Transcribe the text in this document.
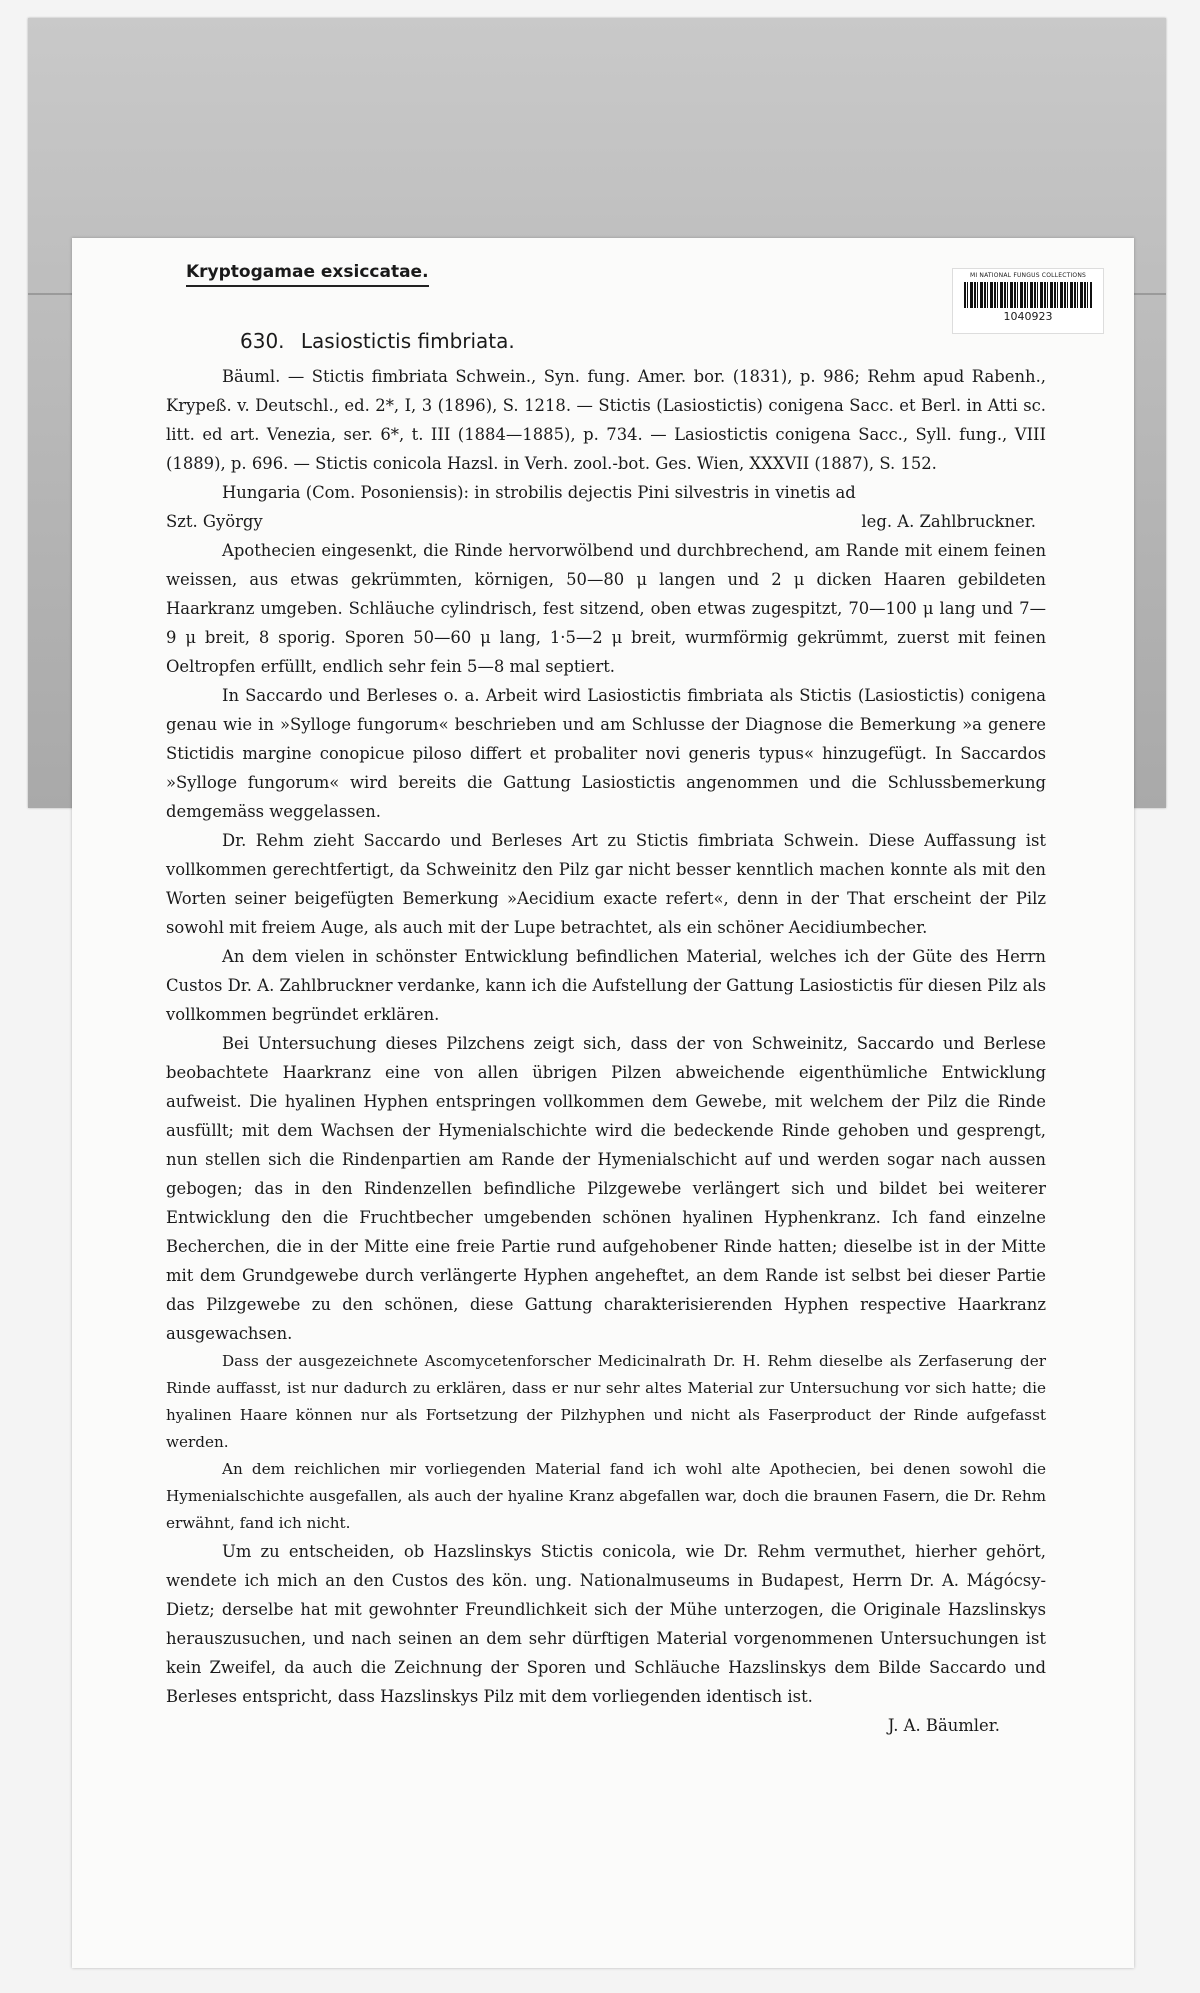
Kryptogamae exsiccatae.	MI NATIONAL FUNGUS COLLECTIONS
1040923
630. Lasiostictis fimbriata.

Bäuml. — Stictis fimbriata Schwein., Syn. fung. Amer. bor. (1831), p. 986; Rehm apud Rabenh., Krypeß. v. Deutschl., ed. 2*, I, 3 (1896), S. 1218. — Stictis (Lasiostictis) conigena Sacc. et Berl. in Atti sc. litt. ed art. Venezia, ser. 6*, t. III (1884—1885), p. 734. — Lasiostictis conigena Sacc., Syll. fung., VIII (1889), p. 696. — Stictis conicola Hazsl. in Verh. zool.-bot. Ges. Wien, XXXVII (1887), S. 152.

Hungaria (Com. Posoniensis): in strobilis dejectis Pini silvestris in vinetis ad

Szt. György	leg. A. Zahlbruckner.

Apothecien eingesenkt, die Rinde hervorwölbend und durchbrechend, am Rande mit einem feinen weissen, aus etwas gekrümmten, körnigen, 50—80 μ langen und 2 μ dicken Haaren gebildeten Haarkranz umgeben. Schläuche cylindrisch, fest sitzend, oben etwas zugespitzt, 70—100 μ lang und 7—9 μ breit, 8 sporig. Sporen 50—60 μ lang, 1·5—2 μ breit, wurmförmig gekrümmt, zuerst mit feinen Oeltropfen erfüllt, endlich sehr fein 5—8 mal septiert.

In Saccardo und Berleses o. a. Arbeit wird Lasiostictis fimbriata als Stictis (Lasiostictis) conigena genau wie in »Sylloge fungorum« beschrieben und am Schlusse der Diagnose die Bemerkung »a genere Stictidis margine conopicue piloso differt et probaliter novi generis typus« hinzugefügt. In Saccardos »Sylloge fungorum« wird bereits die Gattung Lasiostictis angenommen und die Schlussbemerkung demgemäss weggelassen.

Dr. Rehm zieht Saccardo und Berleses Art zu Stictis fimbriata Schwein. Diese Auffassung ist vollkommen gerechtfertigt, da Schweinitz den Pilz gar nicht besser kenntlich machen konnte als mit den Worten seiner beigefügten Bemerkung »Aecidium exacte refert«, denn in der That erscheint der Pilz sowohl mit freiem Auge, als auch mit der Lupe betrachtet, als ein schöner Aecidiumbecher.

An dem vielen in schönster Entwicklung befindlichen Material, welches ich der Güte des Herrn Custos Dr. A. Zahlbruckner verdanke, kann ich die Aufstellung der Gattung Lasiostictis für diesen Pilz als vollkommen begründet erklären.

Bei Untersuchung dieses Pilzchens zeigt sich, dass der von Schweinitz, Saccardo und Berlese beobachtete Haarkranz eine von allen übrigen Pilzen abweichende eigenthümliche Entwicklung aufweist. Die hyalinen Hyphen entspringen vollkommen dem Gewebe, mit welchem der Pilz die Rinde ausfüllt; mit dem Wachsen der Hymenialschichte wird die bedeckende Rinde gehoben und gesprengt, nun stellen sich die Rindenpartien am Rande der Hymenialschicht auf und werden sogar nach aussen gebogen; das in den Rindenzellen befindliche Pilzgewebe verlängert sich und bildet bei weiterer Entwicklung den die Fruchtbecher umgebenden schönen hyalinen Hyphenkranz. Ich fand einzelne Becherchen, die in der Mitte eine freie Partie rund aufgehobener Rinde hatten; dieselbe ist in der Mitte mit dem Grundgewebe durch verlängerte Hyphen angeheftet, an dem Rande ist selbst bei dieser Partie das Pilzgewebe zu den schönen, diese Gattung charakterisierenden Hyphen respective Haarkranz ausgewachsen.

Dass der ausgezeichnete Ascomycetenforscher Medicinalrath Dr. H. Rehm dieselbe als Zerfaserung der Rinde auffasst, ist nur dadurch zu erklären, dass er nur sehr altes Material zur Untersuchung vor sich hatte; die hyalinen Haare können nur als Fortsetzung der Pilzhyphen und nicht als Faserproduct der Rinde aufgefasst werden.

An dem reichlichen mir vorliegenden Material fand ich wohl alte Apothecien, bei denen sowohl die Hymenialschichte ausgefallen, als auch der hyaline Kranz abgefallen war, doch die braunen Fasern, die Dr. Rehm erwähnt, fand ich nicht.

Um zu entscheiden, ob Hazslinskys Stictis conicola, wie Dr. Rehm vermuthet, hierher gehört, wendete ich mich an den Custos des kön. ung. Nationalmuseums in Budapest, Herrn Dr. A. Mágócsy-Dietz; derselbe hat mit gewohnter Freundlichkeit sich der Mühe unterzogen, die Originale Hazslinskys herauszusuchen, und nach seinen an dem sehr dürftigen Material vorgenommenen Untersuchungen ist kein Zweifel, da auch die Zeichnung der Sporen und Schläuche Hazslinskys dem Bilde Saccardo und Berleses entspricht, dass Hazslinskys Pilz mit dem vorliegenden identisch ist.

J. A. Bäumler.
